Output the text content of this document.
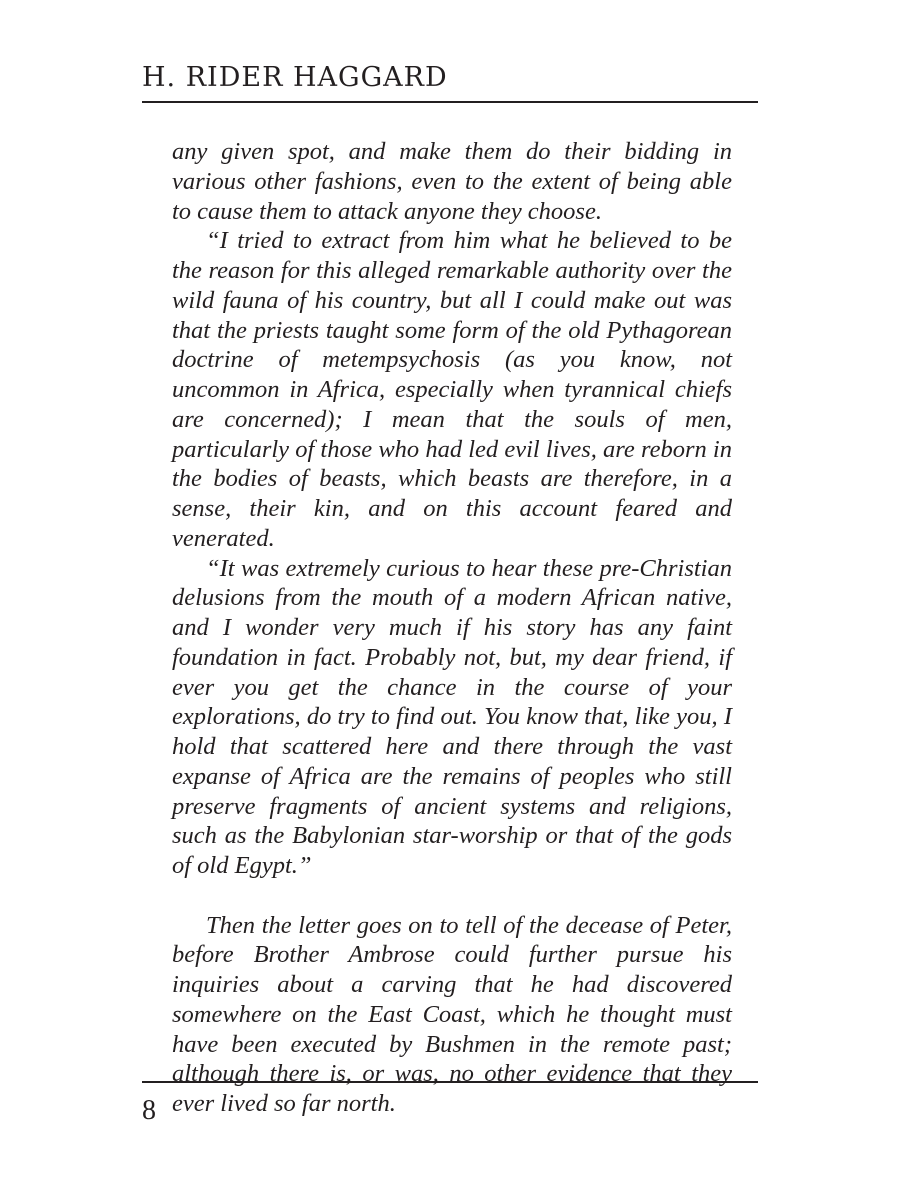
H. RIDER HAGGARD

any given spot, and make them do their bidding in various other fashions, even to the extent of being able to cause them to attack anyone they choose.

“I tried to extract from him what he believed to be the reason for this alleged remarkable authority over the wild fauna of his country, but all I could make out was that the priests taught some form of the old Pythagorean doctrine of metempsychosis (as you know, not uncommon in Africa, especially when tyrannical chiefs are concerned); I mean that the souls of men, particularly of those who had led evil lives, are reborn in the bodies of beasts, which beasts are therefore, in a sense, their kin, and on this account feared and venerated.

“It was extremely curious to hear these pre-Christian delusions from the mouth of a modern African native, and I wonder very much if his story has any faint foundation in fact. Probably not, but, my dear friend, if ever you get the chance in the course of your explorations, do try to find out. You know that, like you, I hold that scattered here and there through the vast expanse of Africa are the remains of peoples who still preserve fragments of ancient systems and religions, such as the Babylonian star-worship or that of the gods of old Egypt.”

Then the letter goes on to tell of the decease of Peter, before Brother Ambrose could further pursue his inquiries about a carving that he had discovered somewhere on the East Coast, which he thought must have been executed by Bushmen in the remote past; although there is, or was, no other evidence that they ever lived so far north.

8
